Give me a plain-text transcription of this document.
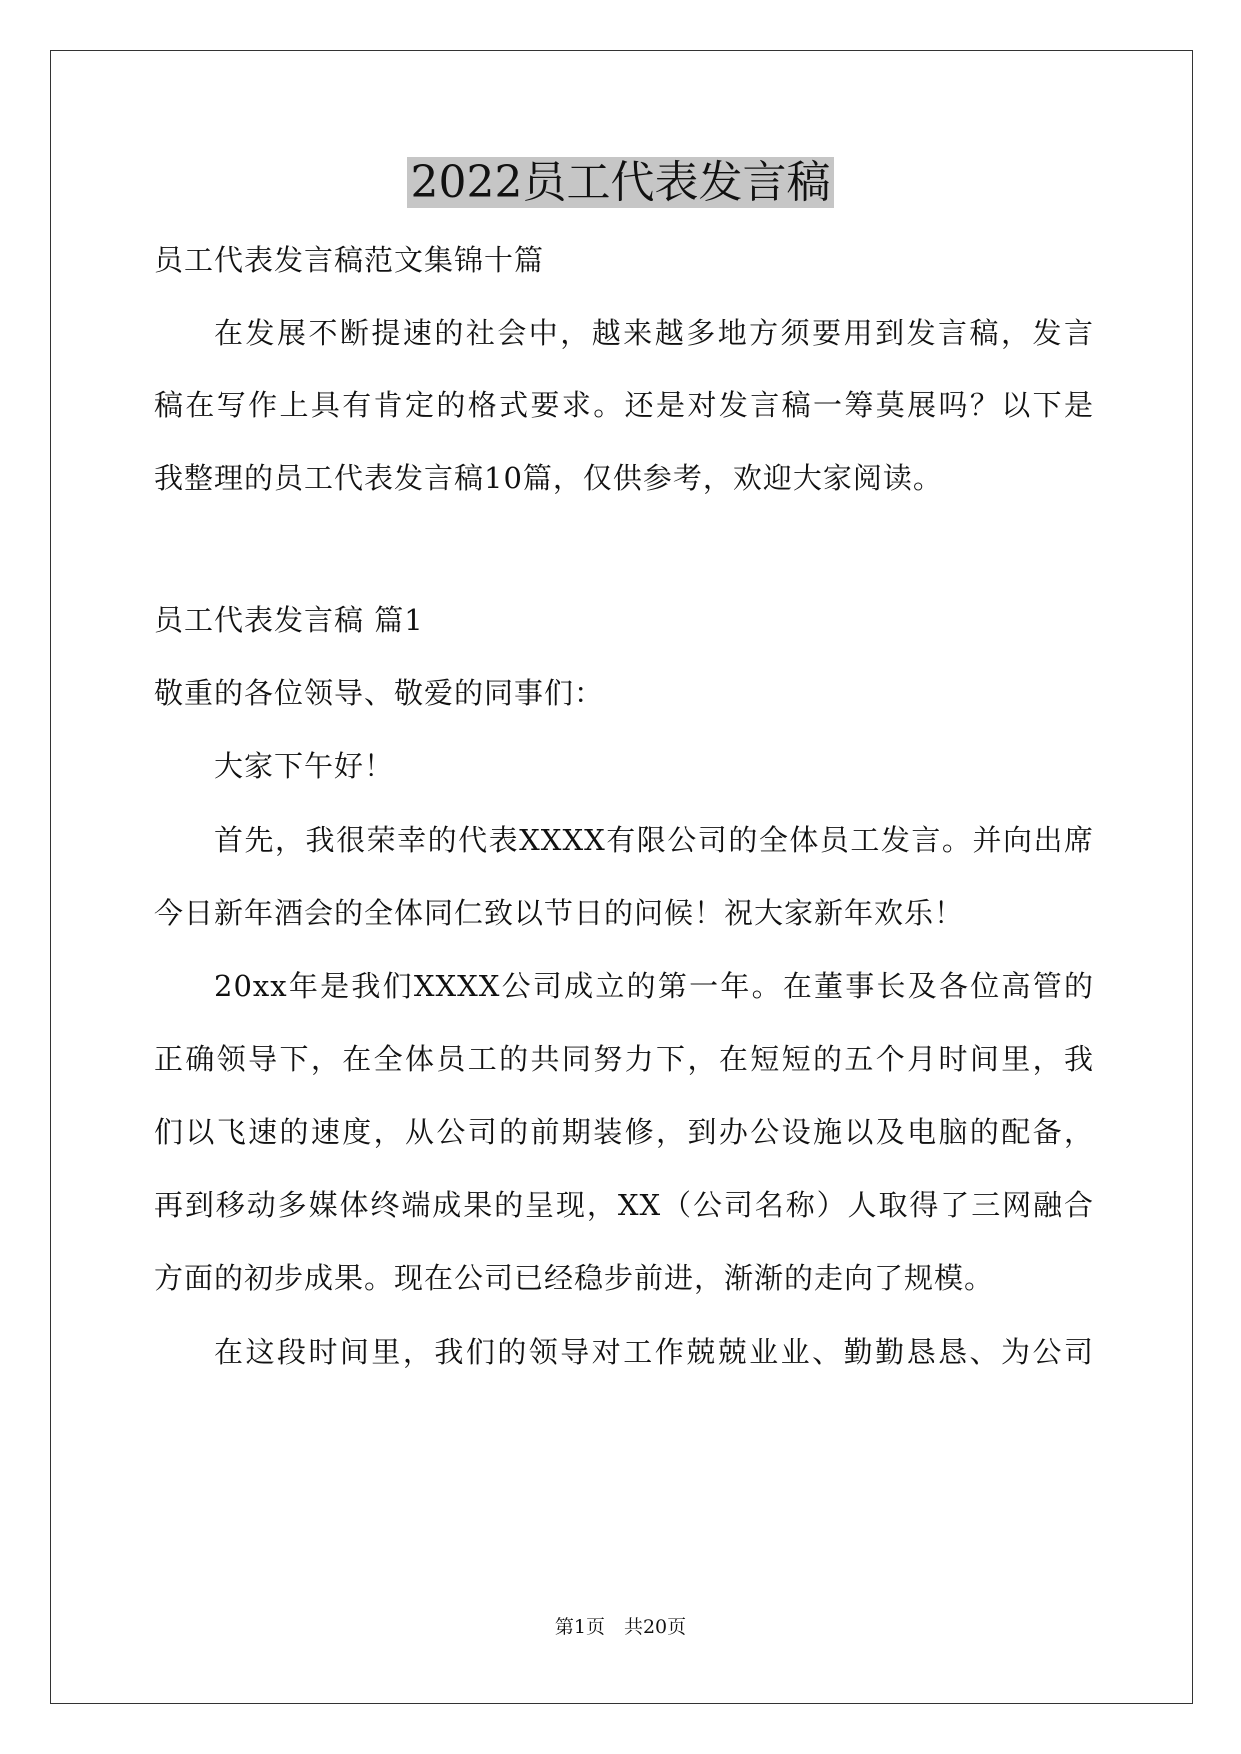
2022员工代表发言稿
员工代表发言稿范文集锦十篇
在发展不断提速的社会中，越来越多地方须要用到发言稿，发言
稿在写作上具有肯定的格式要求。还是对发言稿一筹莫展吗？以下是
我整理的员工代表发言稿10篇，仅供参考，欢迎大家阅读。
员工代表发言稿 篇1
敬重的各位领导、敬爱的同事们：
大家下午好！
首先，我很荣幸的代表XXXX有限公司的全体员工发言。并向出席
今日新年酒会的全体同仁致以节日的问候！祝大家新年欢乐！
20xx年是我们XXXX公司成立的第一年。在董事长及各位高管的
正确领导下，在全体员工的共同努力下，在短短的五个月时间里，我
们以飞速的速度，从公司的前期装修，到办公设施以及电脑的配备，
再到移动多媒体终端成果的呈现，XX（公司名称）人取得了三网融合
方面的初步成果。现在公司已经稳步前进，渐渐的走向了规模。
在这段时间里，我们的领导对工作兢兢业业、勤勤恳恳、为公司
第1页　共20页
